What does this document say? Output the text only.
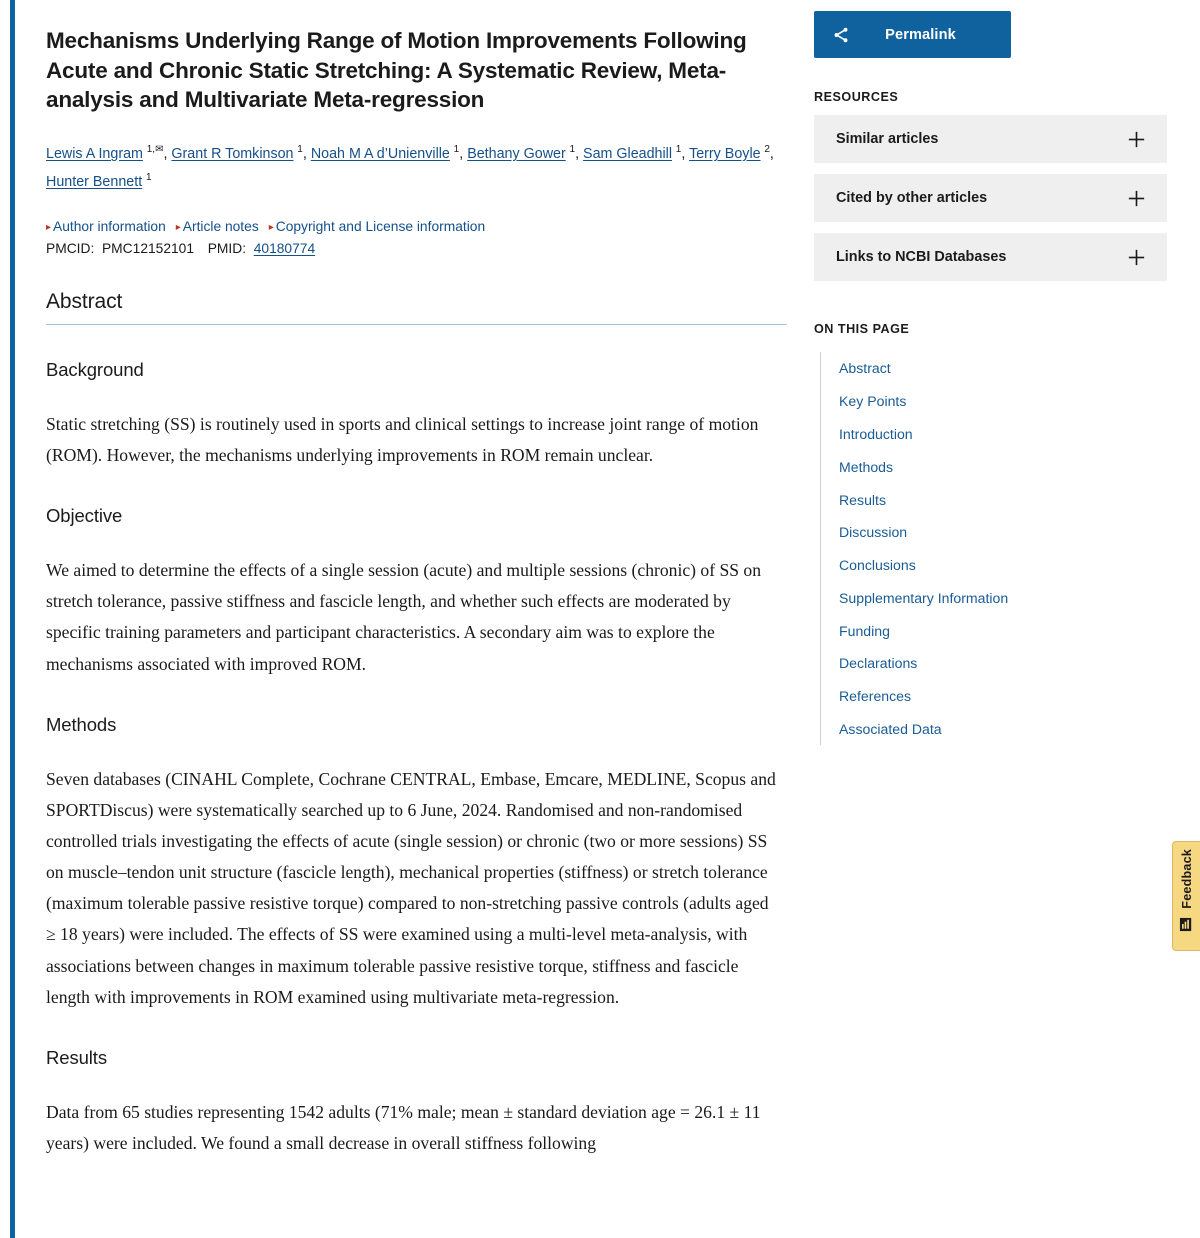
Mechanisms Underlying Range of Motion Improvements Following Acute and Chronic Static Stretching: A Systematic Review, Meta-analysis and Multivariate Meta-regression
Lewis A Ingram $^{1,✉}$, Grant R Tomkinson $^1$, Noah M A d’Unienville $^1$, Bethany Gower $^1$, Sam Gleadhill $^1$, Terry Boyle $^2$, Hunter Bennett $^1$
▸ Author information ▸ Article notes ▸ Copyright and License information
PMCID: PMC12152101 PMID: 40180774
Abstract
Background

Static stretching (SS) is routinely used in sports and clinical settings to increase joint range of motion (ROM). However, the mechanisms underlying improvements in ROM remain unclear.

Objective

We aimed to determine the effects of a single session (acute) and multiple sessions (chronic) of SS on stretch tolerance, passive stiffness and fascicle length, and whether such effects are moderated by specific training parameters and participant characteristics. A secondary aim was to explore the mechanisms associated with improved ROM.

Methods

Seven databases (CINAHL Complete, Cochrane CENTRAL, Embase, Emcare, MEDLINE, Scopus and SPORTDiscus) were systematically searched up to 6 June, 2024. Randomised and non-randomised controlled trials investigating the effects of acute (single session) or chronic (two or more sessions) SS on muscle–tendon unit structure (fascicle length), mechanical properties (stiffness) or stretch tolerance (maximum tolerable passive resistive torque) compared to non-stretching passive controls (adults aged ≥ 18 years) were included. The effects of SS were examined using a multi-level meta-analysis, with associations between changes in maximum tolerable passive resistive torque, stiffness and fascicle length with improvements in ROM examined using multivariate meta-regression.

Results

Data from 65 studies representing 1542 adults (71% male; mean ± standard deviation age = 26.1 ± 11 years) were included. We found a small decrease in overall stiffness following

Permalink
RESOURCES
Similar articles
Cited by other articles
Links to NCBI Databases
ON THIS PAGE
Abstract
Key Points
Introduction
Methods
Results
Discussion
Conclusions
Supplementary Information
Funding
Declarations
References
Associated Data
Feedback
